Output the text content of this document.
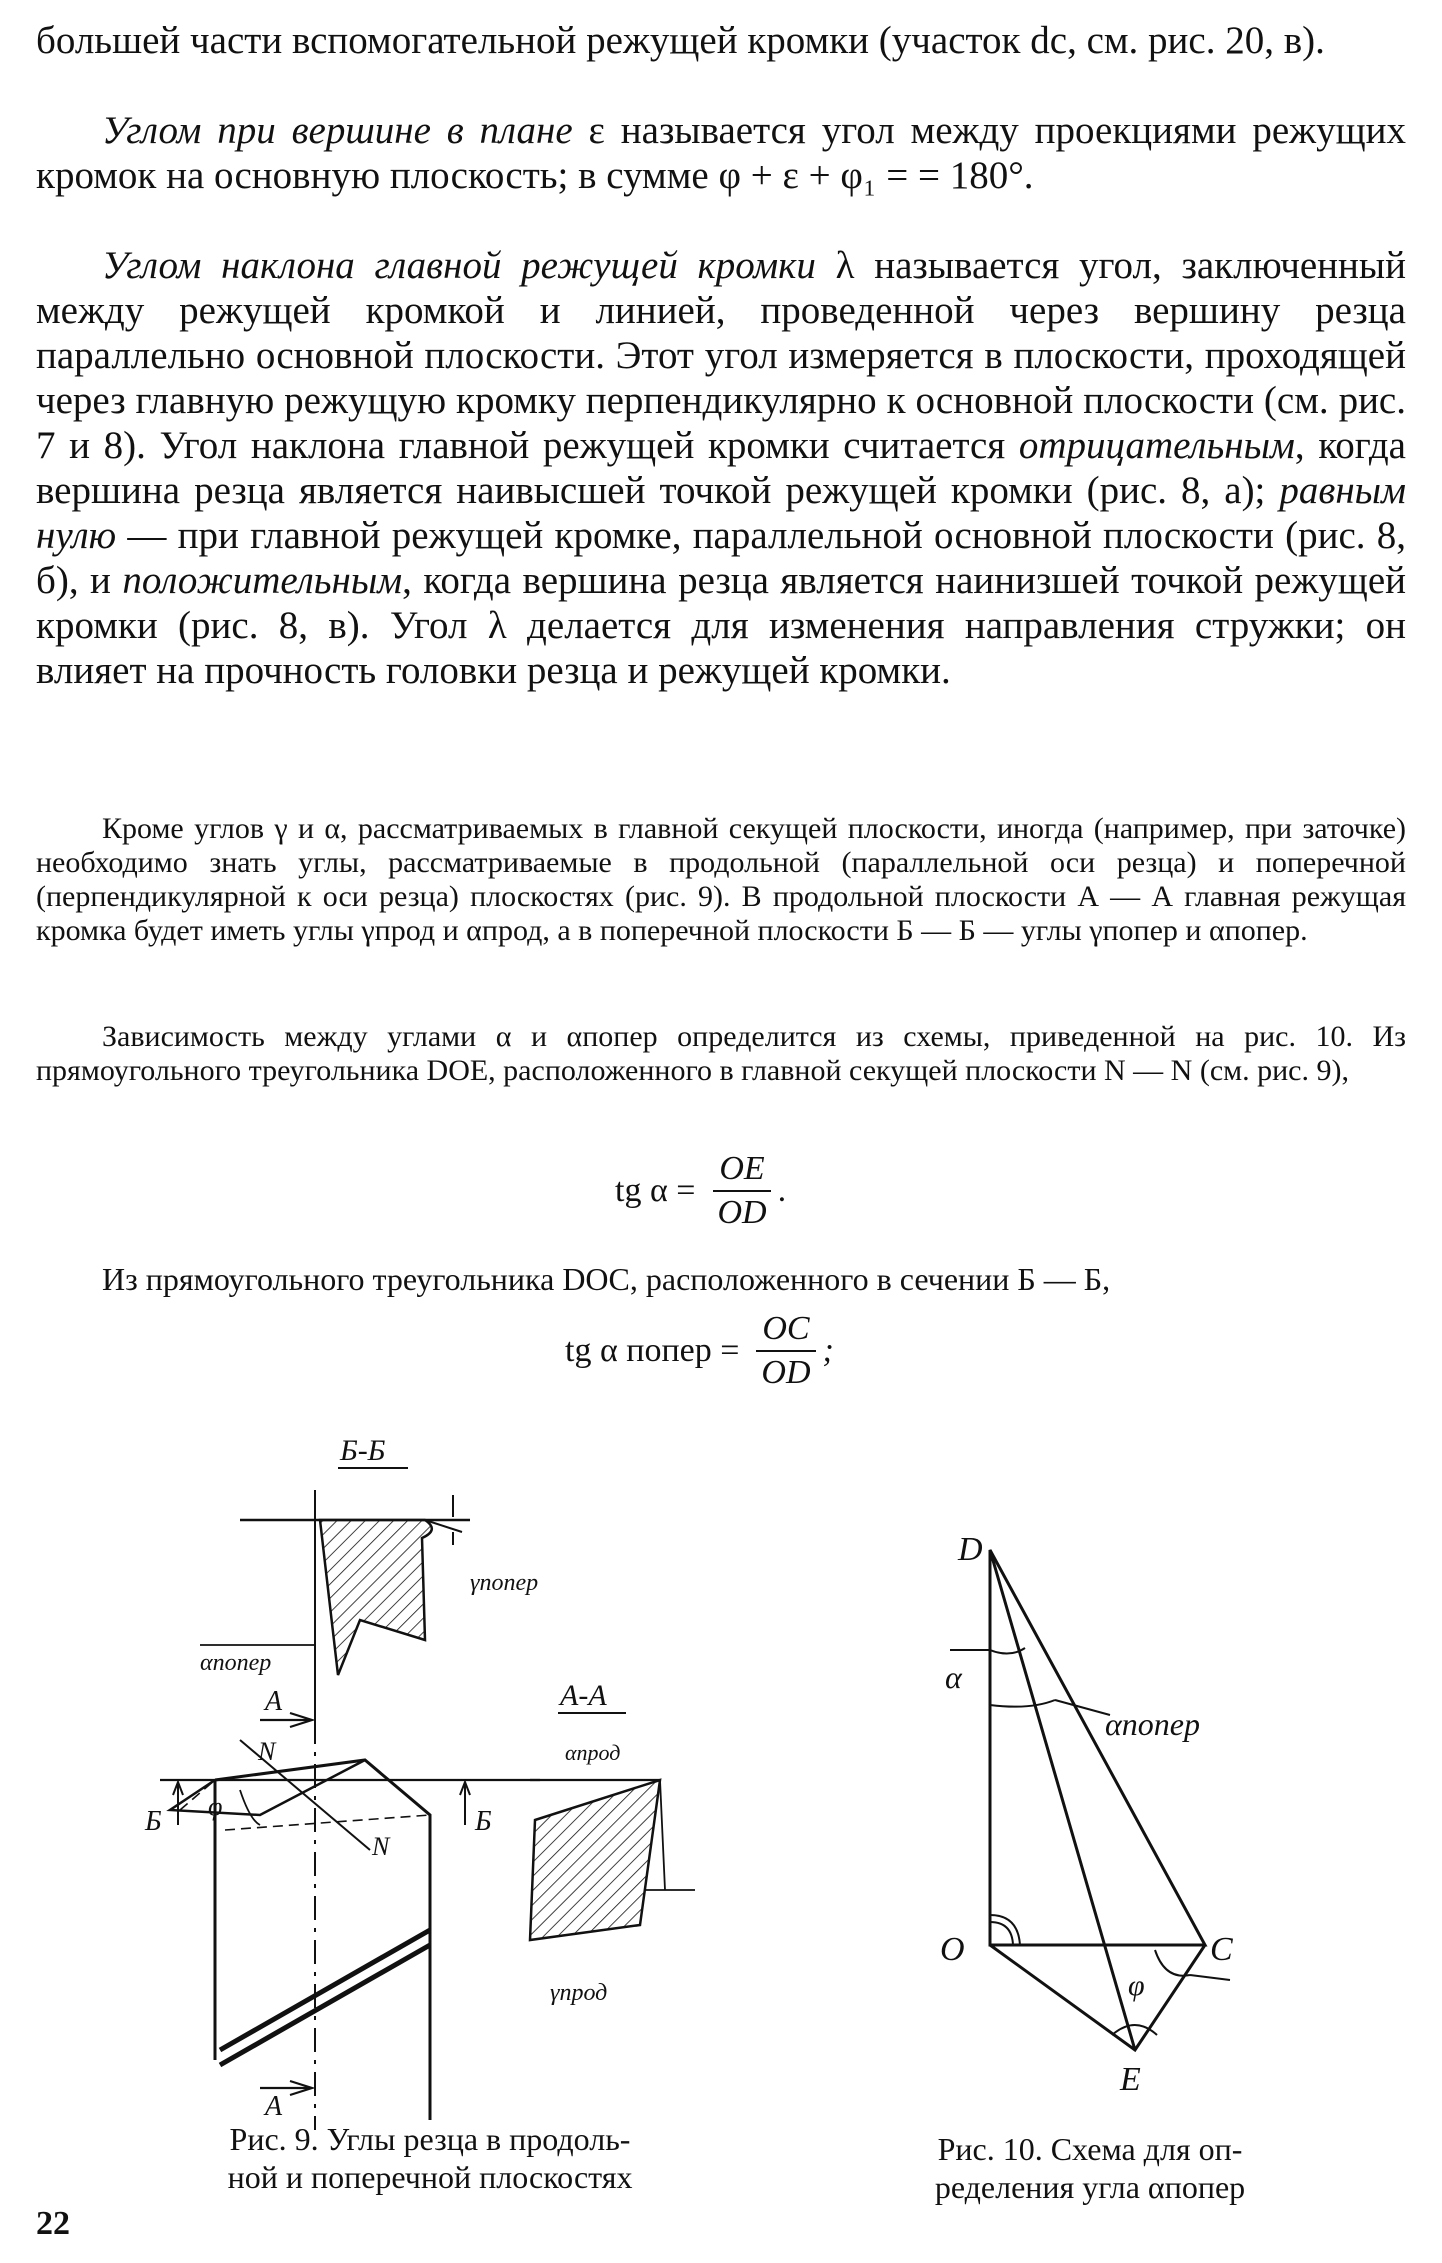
большей части вспомогательной режущей кромки (участок dc, см. рис. 20, в).

Углом при вершине в плане ε называется угол между проекциями режущих кромок на основную плоскость; в сумме φ + ε + φ₁ = = 180°.

Углом наклона главной режущей кромки λ называется угол, заключенный между режущей кромкой и линией, проведенной через вершину резца параллельно основной плоскости. Этот угол измеряется в плоскости, проходящей через главную режущую кромку перпендикулярно к основной плоскости (см. рис. 7 и 8). Угол наклона главной режущей кромки считается отрицательным, когда вершина резца является наивысшей точкой режущей кромки (рис. 8, а); равным нулю — при главной режущей кромке, параллельной основной плоскости (рис. 8, б), и положительным, когда вершина резца является наинизшей точкой режущей кромки (рис. 8, в). Угол λ делается для изменения направления стружки; он влияет на прочность головки резца и режущей кромки.

Кроме углов γ и α, рассматриваемых в главной секущей плоскости, иногда (например, при заточке) необходимо знать углы, рассматриваемые в продольной (параллельной оси резца) и поперечной (перпендикулярной к оси резца) плоскостях (рис. 9). В продольной плоскости А — А главная режущая кромка будет иметь углы γпрод и αпрод, а в поперечной плоскости Б — Б — углы γпопер и αпопер.

Зависимость между углами α и αпопер определится из схемы, приведенной на рис. 10. Из прямоугольного треугольника DOE, расположенного в главной секущей плоскости N — N (см. рис. 9),

tg $\alpha = \frac{OE}{OD}$ .

Из прямоугольного треугольника DOC, расположенного в сечении Б — Б,

tg α попер = $\frac{OC}{OD}$ ;
Б-Б
γпопер
αпопер
А
N
N
Б	Б
φ
А
А-А
αпрод
γпрод
Рис. 9. Углы резца в продоль-
ной и поперечной плоскостях
D
O	C
E
α
αпопер
φ
Рис. 10. Схема для оп-
ределения угла αпопер
22
